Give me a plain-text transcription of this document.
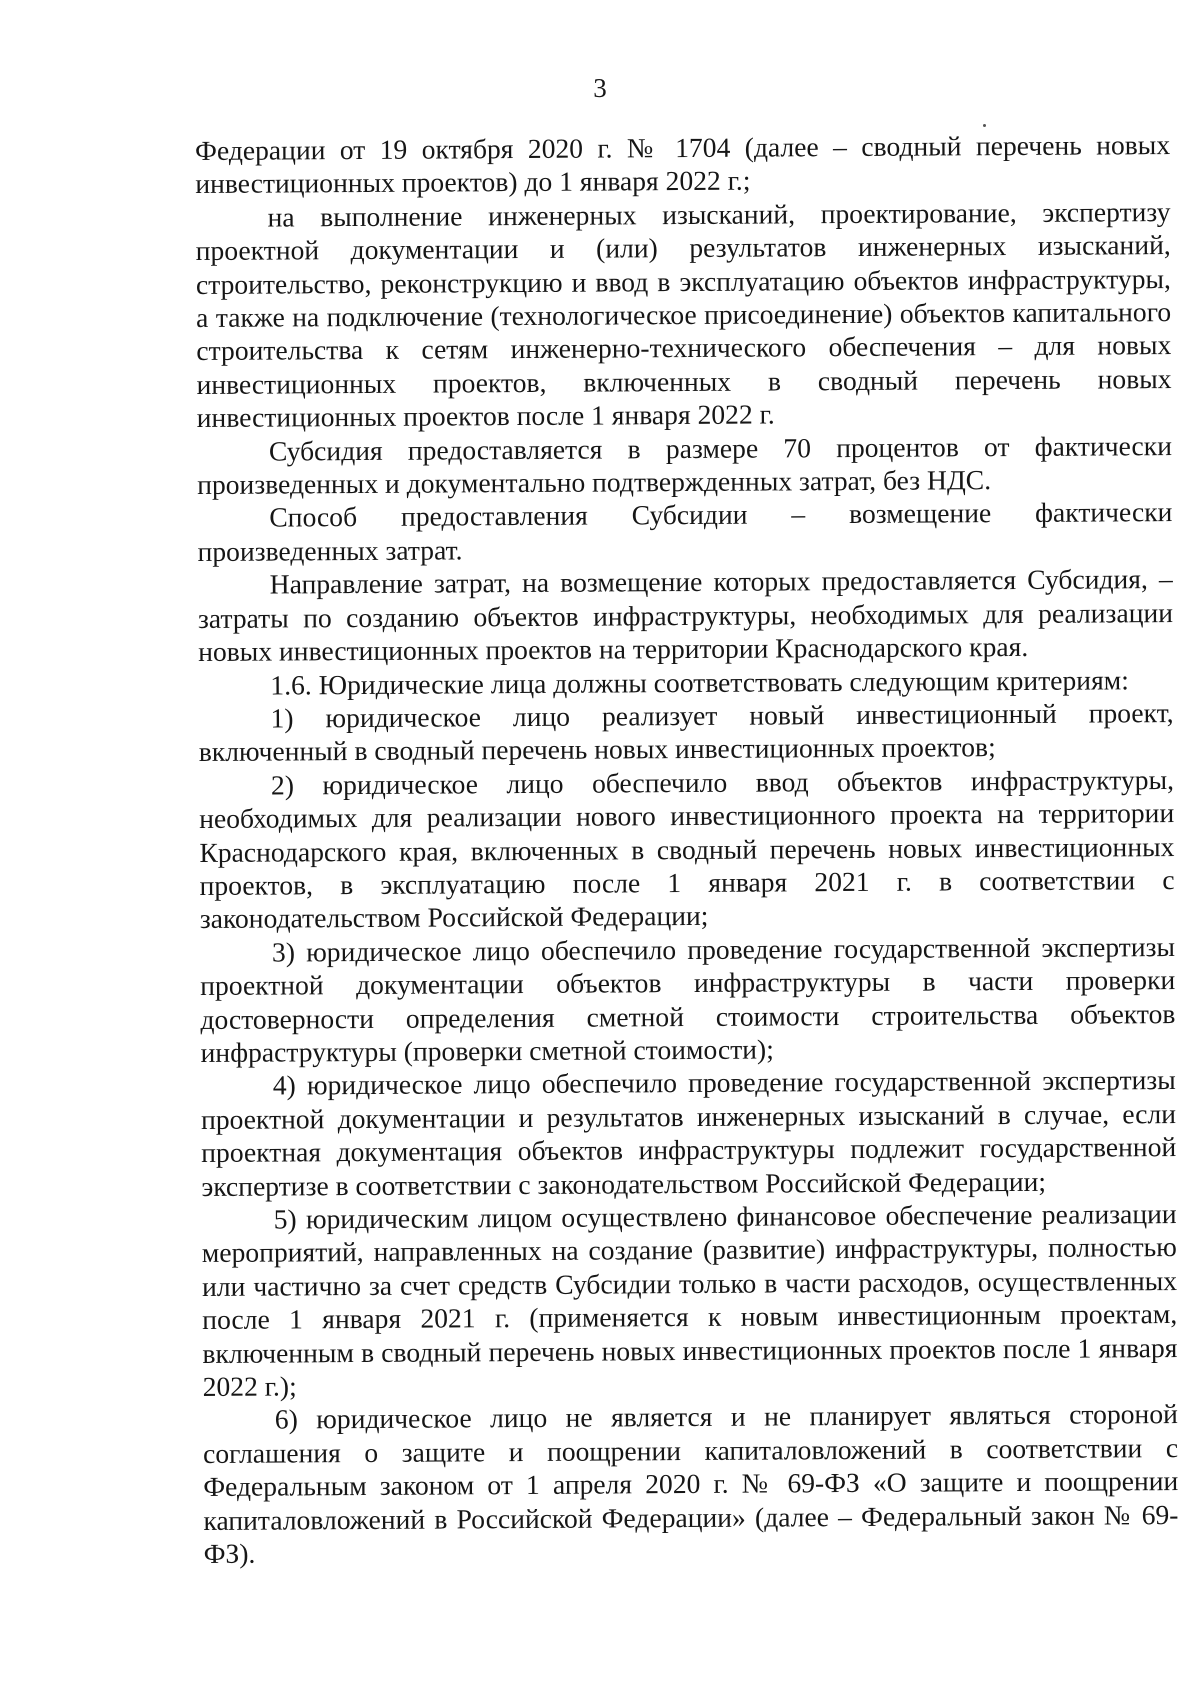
3

Федерации от 19 октября 2020 г. № 1704 (далее – сводный перечень новых инвестиционных проектов) до 1 января 2022 г.;

на выполнение инженерных изысканий, проектирование, экспертизу проектной документации и (или) результатов инженерных изысканий, строительство, реконструкцию и ввод в эксплуатацию объектов инфраструктуры, а также на подключение (технологическое присоединение) объектов капитального строительства к сетям инженерно-технического обеспечения – для новых инвестиционных проектов, включенных в сводный перечень новых инвестиционных проектов после 1 января 2022 г.

Субсидия предоставляется в размере 70 процентов от фактически произведенных и документально подтвержденных затрат, без НДС.

Способ предоставления Субсидии – возмещение фактически произведенных затрат.

Направление затрат, на возмещение которых предоставляется Субсидия, – затраты по созданию объектов инфраструктуры, необходимых для реализации новых инвестиционных проектов на территории Краснодарского края.

1.6. Юридические лица должны соответствовать следующим критериям:

1) юридическое лицо реализует новый инвестиционный проект, включенный в сводный перечень новых инвестиционных проектов;

2) юридическое лицо обеспечило ввод объектов инфраструктуры, необходимых для реализации нового инвестиционного проекта на территории Краснодарского края, включенных в сводный перечень новых инвестиционных проектов, в эксплуатацию после 1 января 2021 г. в соответствии с законодательством Российской Федерации;

3) юридическое лицо обеспечило проведение государственной экспертизы проектной документации объектов инфраструктуры в части проверки достоверности определения сметной стоимости строительства объектов инфраструктуры (проверки сметной стоимости);

4) юридическое лицо обеспечило проведение государственной экспертизы проектной документации и результатов инженерных изысканий в случае, если проектная документация объектов инфраструктуры подлежит государственной экспертизе в соответствии с законодательством Российской Федерации;

5) юридическим лицом осуществлено финансовое обеспечение реализации мероприятий, направленных на создание (развитие) инфраструктуры, полностью или частично за счет средств Субсидии только в части расходов, осуществленных после 1 января 2021 г. (применяется к новым инвестиционным проектам, включенным в сводный перечень новых инвестиционных проектов после 1 января 2022 г.);

6) юридическое лицо не является и не планирует являться стороной соглашения о защите и поощрении капиталовложений в соответствии с Федеральным законом от 1 апреля 2020 г. № 69-ФЗ «О защите и поощрении капиталовложений в Российской Федерации» (далее – Федеральный закон № 69-ФЗ).
